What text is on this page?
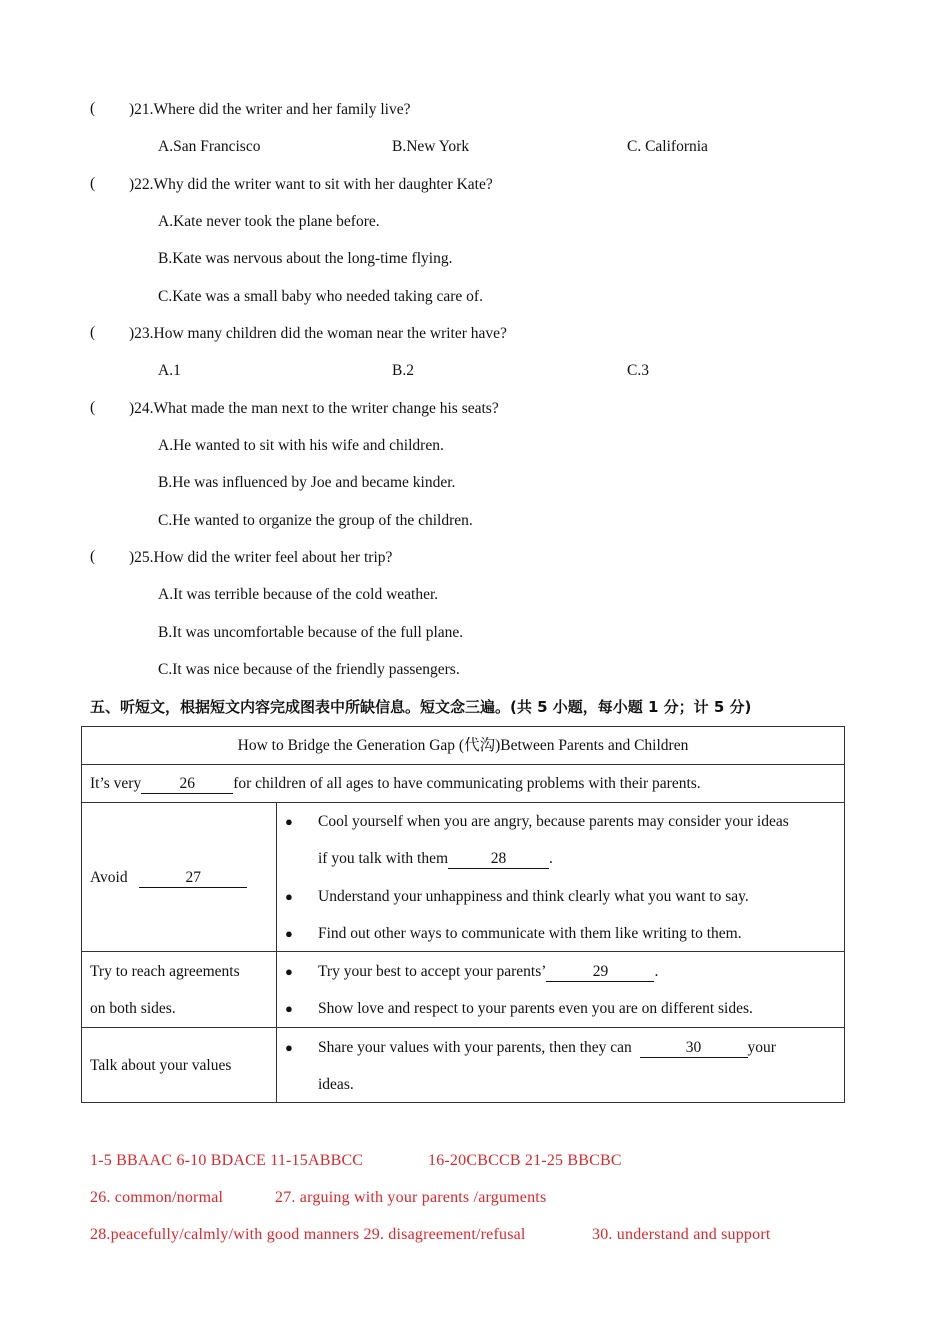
( )21.Where did the writer and her family live?
A.San Francisco	B.New York	C. California
( )22.Why did the writer want to sit with her daughter Kate?
A.Kate never took the plane before.
B.Kate was nervous about the long-time flying.
C.Kate was a small baby who needed taking care of.
( )23.How many children did the woman near the writer have?
A.1	B.2	C.3
( )24.What made the man next to the writer change his seats?
A.He wanted to sit with his wife and children.
B.He was influenced by Joe and became kinder.
C.He wanted to organize the group of the children.
( )25.How did the writer feel about her trip?
A.It was terrible because of the cold weather.
B.It was uncomfortable because of the full plane.
C.It was nice because of the friendly passengers.
五、听短文，根据短文内容完成图表中所缺信息。短文念三遍。(共 5 小题，每小题 1 分；计 5 分)
How to Bridge the Generation Gap (代沟)Between Parents and Children
It’s very 26 for children of all ages to have communicating problems with their parents.
Avoid	27
● Cool yourself when you are angry, because parents may consider your ideas
if you talk with them	28	.
● Understand your unhappiness and think clearly what you want to say.
● Find out other ways to communicate with them like writing to them.
Try to reach agreements
on both sides.
● Try your best to accept your parents’	29	.
● Show love and respect to your parents even you are on different sides.
Talk about your values
● Share your values with your parents, then they can	30	your
ideas.
1-5 BBAAC 6-10 BDACE 11-15ABBCC	16-20CBCCB 21-25 BBCBC
26. common/normal	27. arguing with your parents /arguments
28.peacefully/calmly/with good manners 29. disagreement/refusal	30. understand and support
